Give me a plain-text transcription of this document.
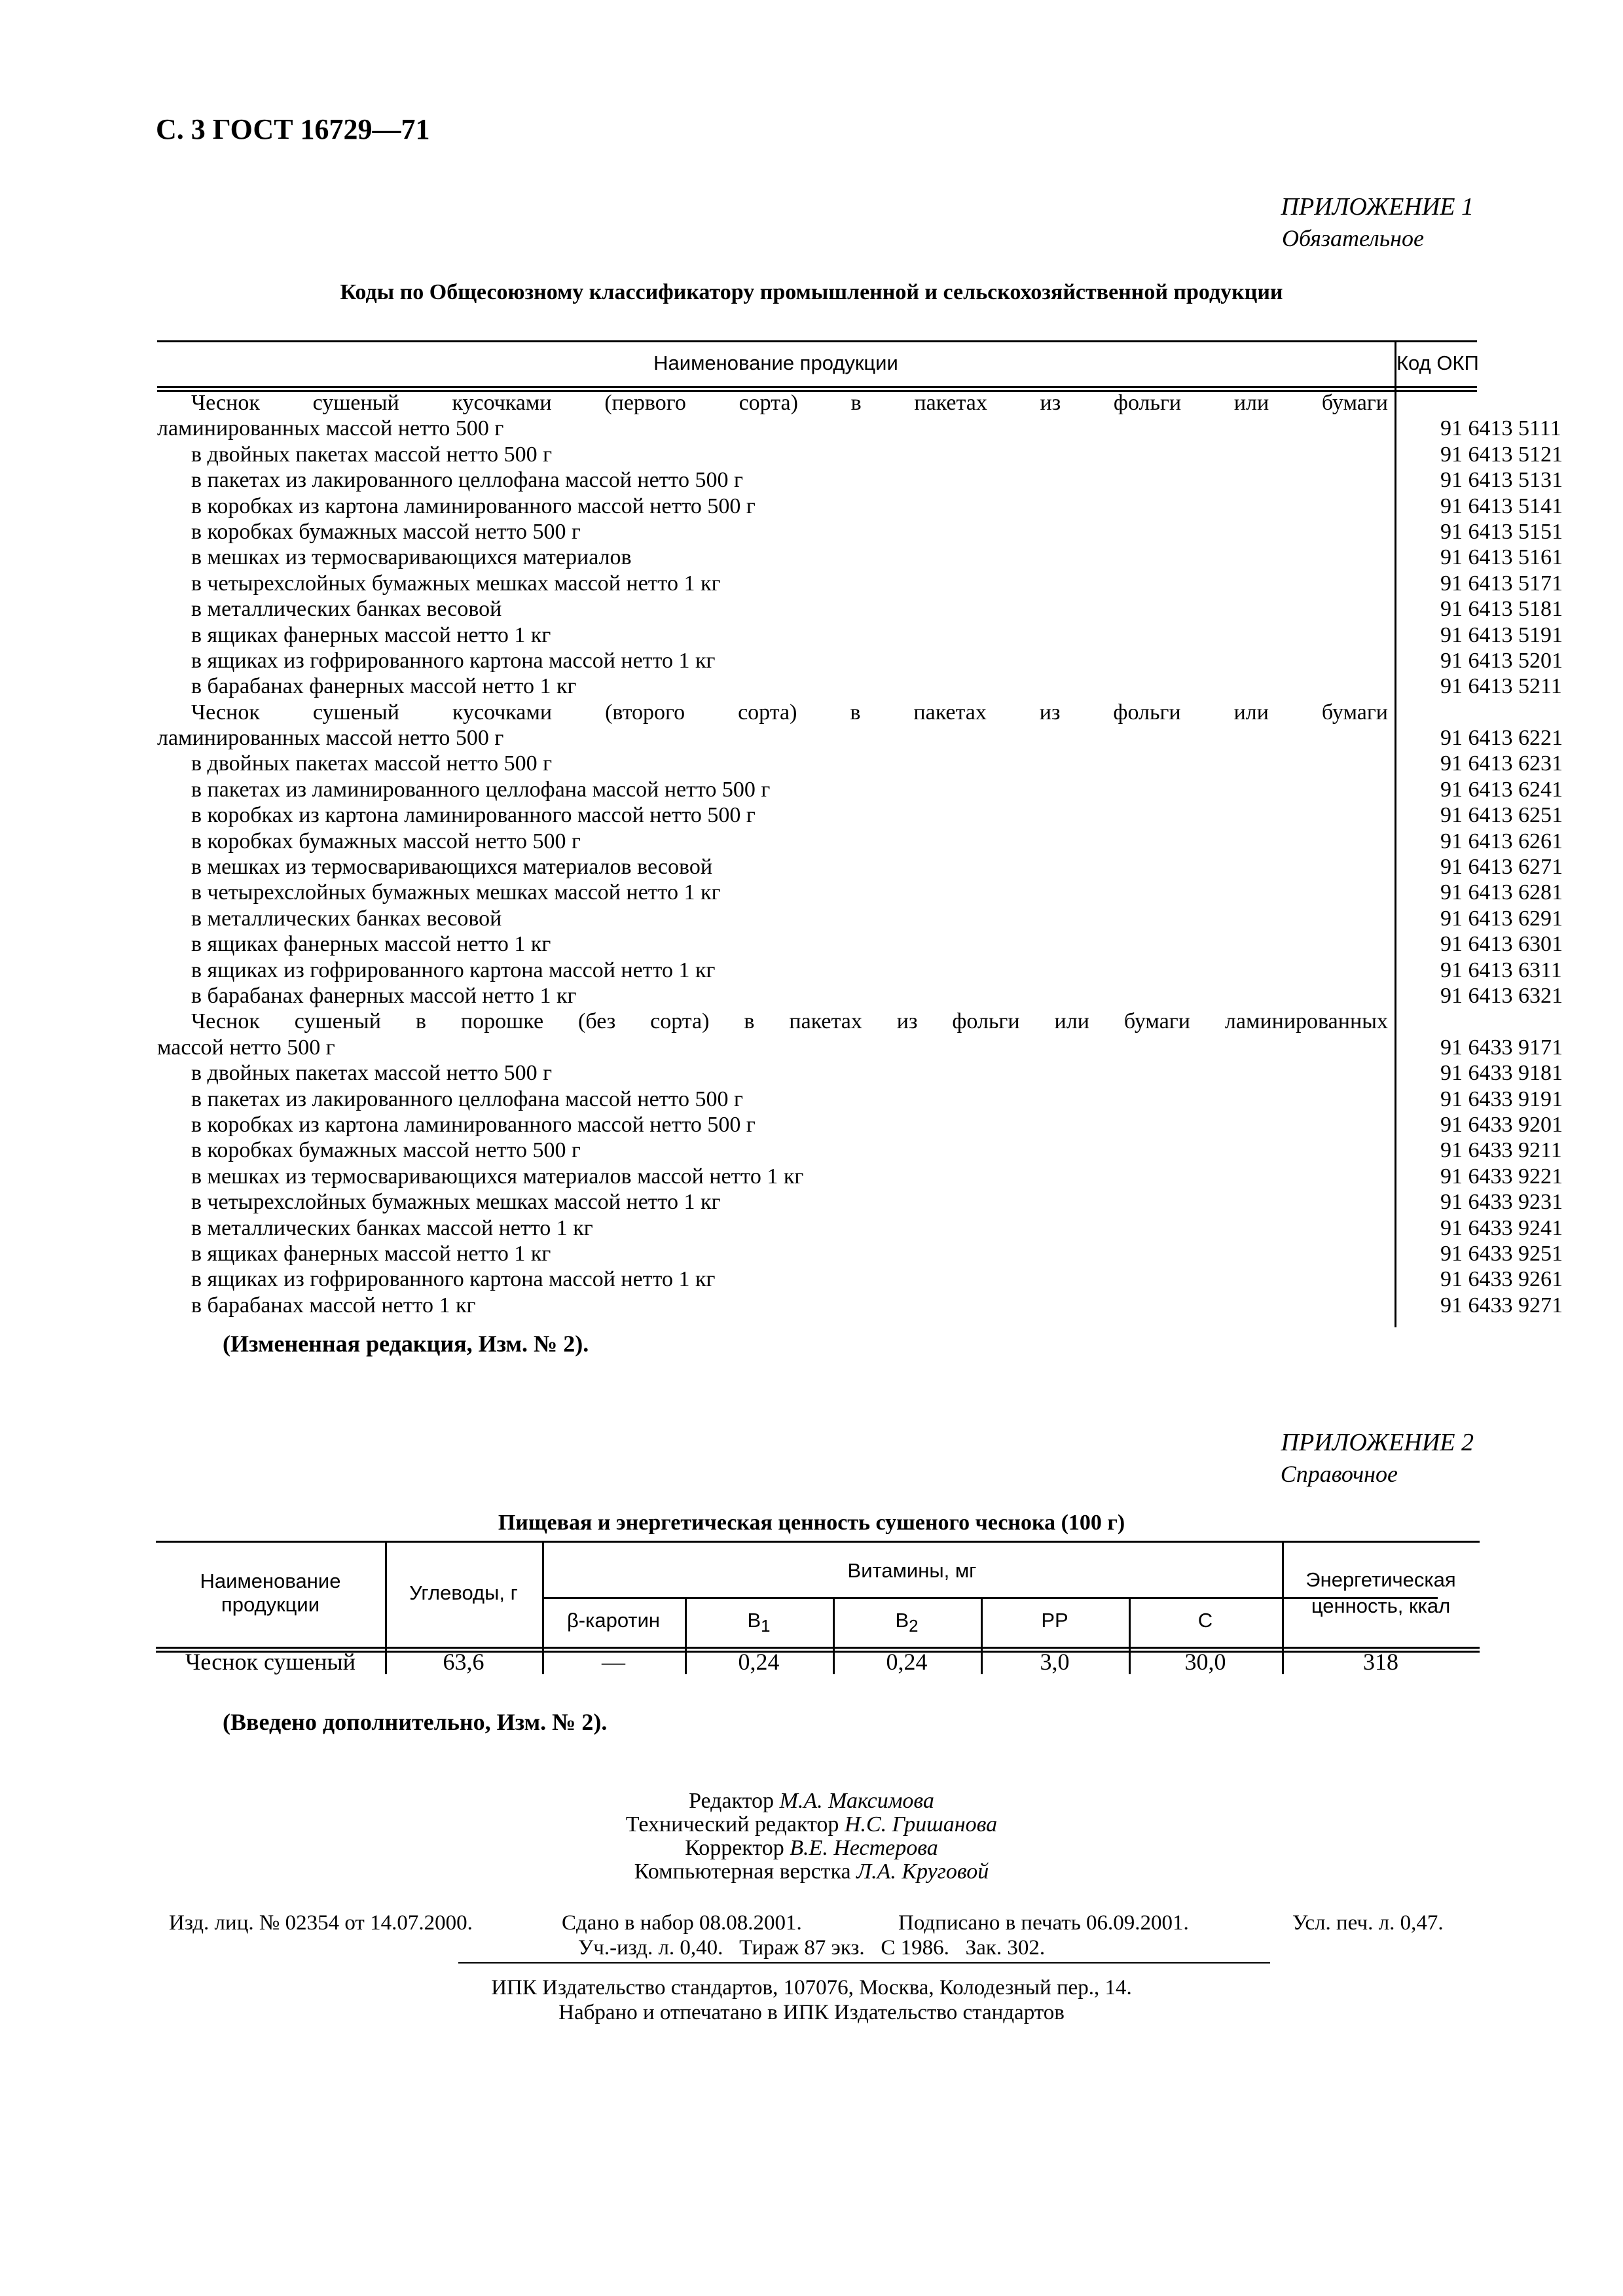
С. 3 ГОСТ 16729—71
ПРИЛОЖЕНИЕ 1
Обязательное
Коды по Общесоюзному классификатору промышленной и сельскохозяйственной продукции
Наименование продукции	Код ОКП
Чеснок сушеный кусочками (первого сорта) в пакетах из фольги или бумаги
ламинированных массой нетто 500 г	91 6413 5111
в двойных пакетах массой нетто 500 г	91 6413 5121
в пакетах из лакированного целлофана массой нетто 500 г	91 6413 5131
в коробках из картона ламинированного массой нетто 500 г	91 6413 5141
в коробках бумажных массой нетто 500 г	91 6413 5151
в мешках из термосваривающихся материалов	91 6413 5161
в четырехслойных бумажных мешках массой нетто 1 кг	91 6413 5171
в металлических банках весовой	91 6413 5181
в ящиках фанерных массой нетто 1 кг	91 6413 5191
в ящиках из гофрированного картона массой нетто 1 кг	91 6413 5201
в барабанах фанерных массой нетто 1 кг	91 6413 5211
Чеснок сушеный кусочками (второго сорта) в пакетах из фольги или бумаги
ламинированных массой нетто 500 г	91 6413 6221
в двойных пакетах массой нетто 500 г	91 6413 6231
в пакетах из ламинированного целлофана массой нетто 500 г	91 6413 6241
в коробках из картона ламинированного массой нетто 500 г	91 6413 6251
в коробках бумажных массой нетто 500 г	91 6413 6261
в мешках из термосваривающихся материалов весовой	91 6413 6271
в четырехслойных бумажных мешках массой нетто 1 кг	91 6413 6281
в металлических банках весовой	91 6413 6291
в ящиках фанерных массой нетто 1 кг	91 6413 6301
в ящиках из гофрированного картона массой нетто 1 кг	91 6413 6311
в барабанах фанерных массой нетто 1 кг	91 6413 6321
Чеснок сушеный в порошке (без сорта) в пакетах из фольги или бумаги ламинированных
массой нетто 500 г	91 6433 9171
в двойных пакетах массой нетто 500 г	91 6433 9181
в пакетах из лакированного целлофана массой нетто 500 г	91 6433 9191
в коробках из картона ламинированного массой нетто 500 г	91 6433 9201
в коробках бумажных массой нетто 500 г	91 6433 9211
в мешках из термосваривающихся материалов массой нетто 1 кг	91 6433 9221
в четырехслойных бумажных мешках массой нетто 1 кг	91 6433 9231
в металлических банках массой нетто 1 кг	91 6433 9241
в ящиках фанерных массой нетто 1 кг	91 6433 9251
в ящиках из гофрированного картона массой нетто 1 кг	91 6433 9261
в барабанах массой нетто 1 кг	91 6433 9271
(Измененная редакция, Изм. № 2).
ПРИЛОЖЕНИЕ 2
Справочное
Пищевая и энергетическая ценность сушеного чеснока (100 г)
Наименование продукции
Углеводы, г
Витамины, мг
β-каротин	$B_1$	$B_2$	PP	C
Энергетическая ценность, ккал
Чеснок сушеный	63,6	—	0,24	0,24	3,0	30,0	318
(Введено дополнительно, Изм. № 2).
Редактор М.А. Максимова
Технический редактор Н.С. Гришанова
Корректор В.Е. Нестерова
Компьютерная верстка Л.А. Круговой
Изд. лиц. № 02354 от 14.07.2000.	Сдано в набор 08.08.2001.	Подписано в печать 06.09.2001.	Усл. печ. л. 0,47.
Уч.-изд. л. 0,40.   Тираж 87 экз.   С 1986.   Зак. 302.
ИПК Издательство стандартов, 107076, Москва, Колодезный пер., 14.
Набрано и отпечатано в ИПК Издательство стандартов
